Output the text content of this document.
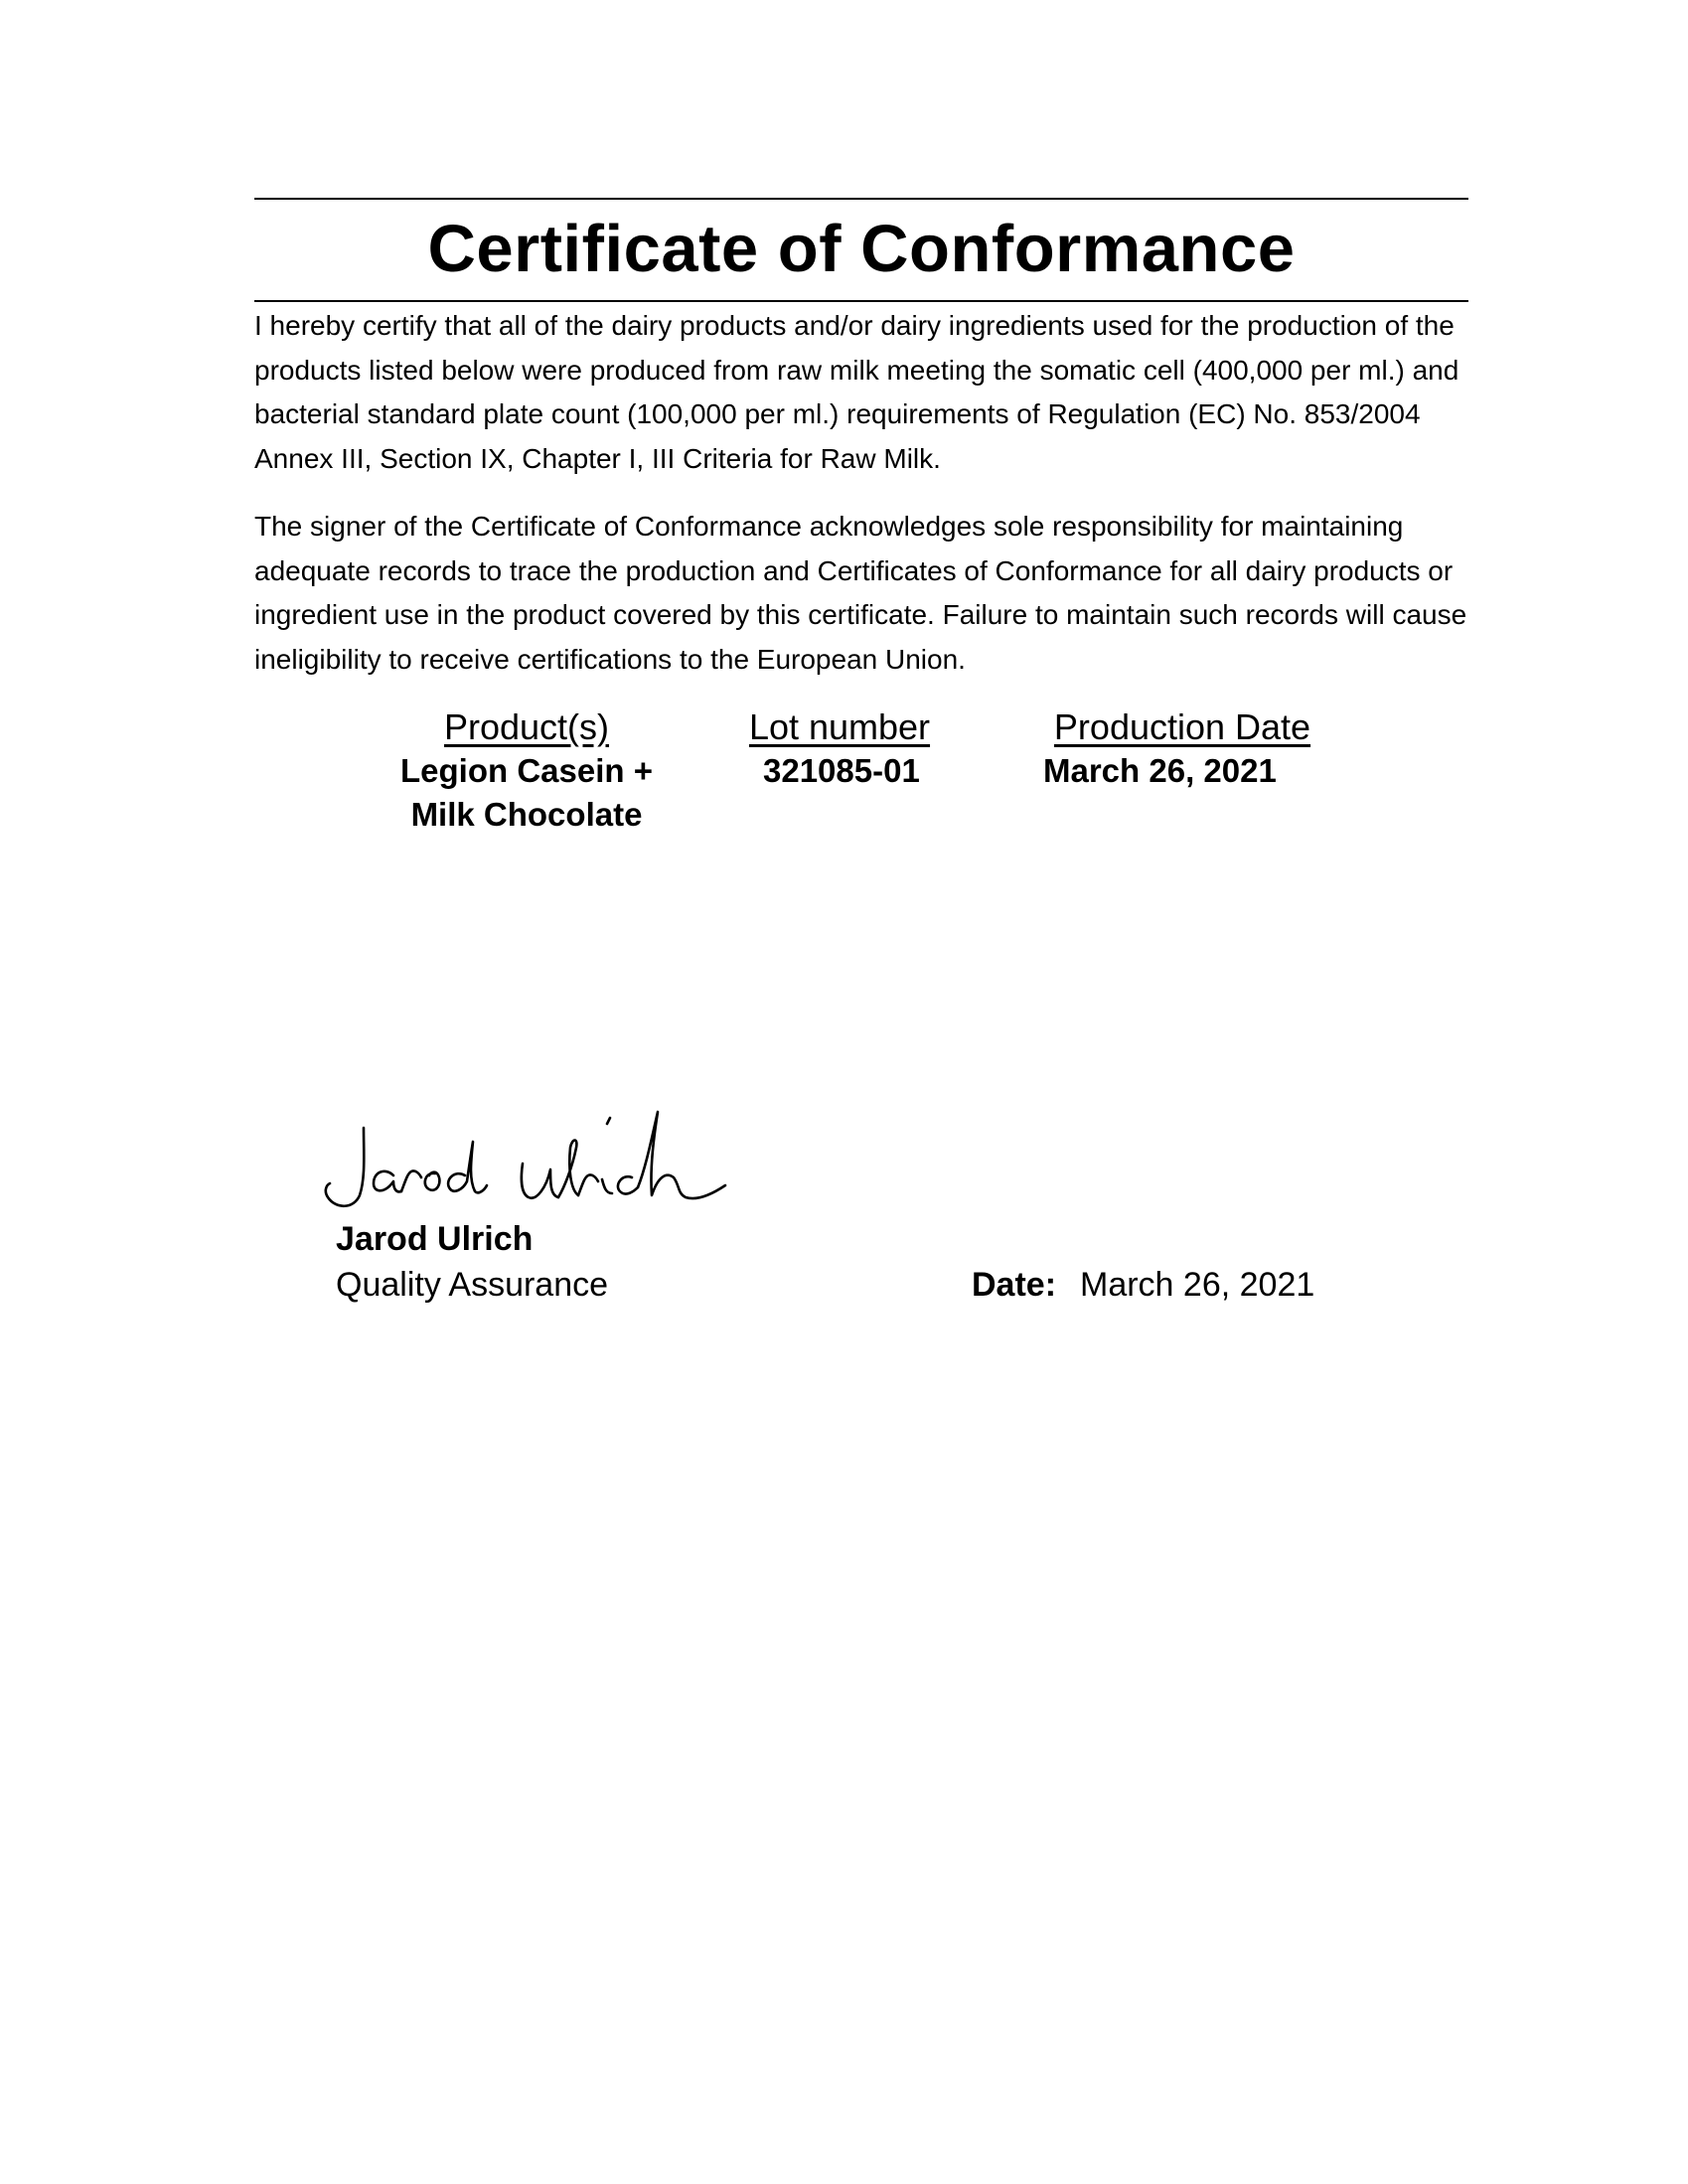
Certificate of Conformance

I hereby certify that all of the dairy products and/or dairy ingredients used for the production of the products listed below were produced from raw milk meeting the somatic cell (400,000 per ml.) and bacterial standard plate count (100,000 per ml.) requirements of Regulation (EC) No. 853/2004 Annex III, Section IX, Chapter I, III Criteria for Raw Milk.

The signer of the Certificate of Conformance acknowledges sole responsibility for maintaining adequate records to trace the production and Certificates of Conformance for all dairy products or ingredient use in the product covered by this certificate. Failure to maintain such records will cause ineligibility to receive certifications to the European Union.

Product(s)
Legion Casein +
Milk Chocolate
Lot number
321085-01
Production Date
March 26, 2021
Jarod Ulrich
Quality Assurance	Date: March 26, 2021
